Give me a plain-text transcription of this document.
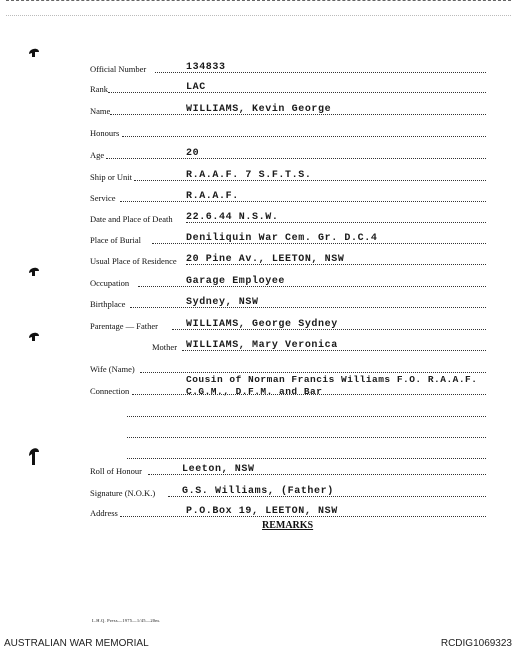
Official Number	134833
Rank	LAC
Name	WILLIAMS, Kevin George
Honours
Age	20
Ship or Unit	R.A.A.F. 7 S.F.T.S.
Service	R.A.A.F.
Date and Place of Death 22.6.44 N.S.W.
Place of Burial	Deniliquin War Cem. Gr. D.C.4
Usual Place of Residence 20 Pine Av., LEETON, NSW
Occupation	Garage Employee
Birthplace	Sydney, NSW
Parentage — Father	WILLIAMS, George Sydney
Mother WILLIAMS, Mary Veronica
Wife (Name)
Connection
Cousin of Norman Francis Williams F.O. R.A.A.F.
C.G.M., D.F.M. and Bar
Roll of Honour	Leeton, NSW
Signature (N.O.K.)	G.S. Williams, (Father)
Address	P.O.Box 19, LEETON, NSW
REMARKS
L.H.Q. Press—1975—1/45—20m.
AUSTRALIAN WAR MEMORIAL	RCDIG1069323
